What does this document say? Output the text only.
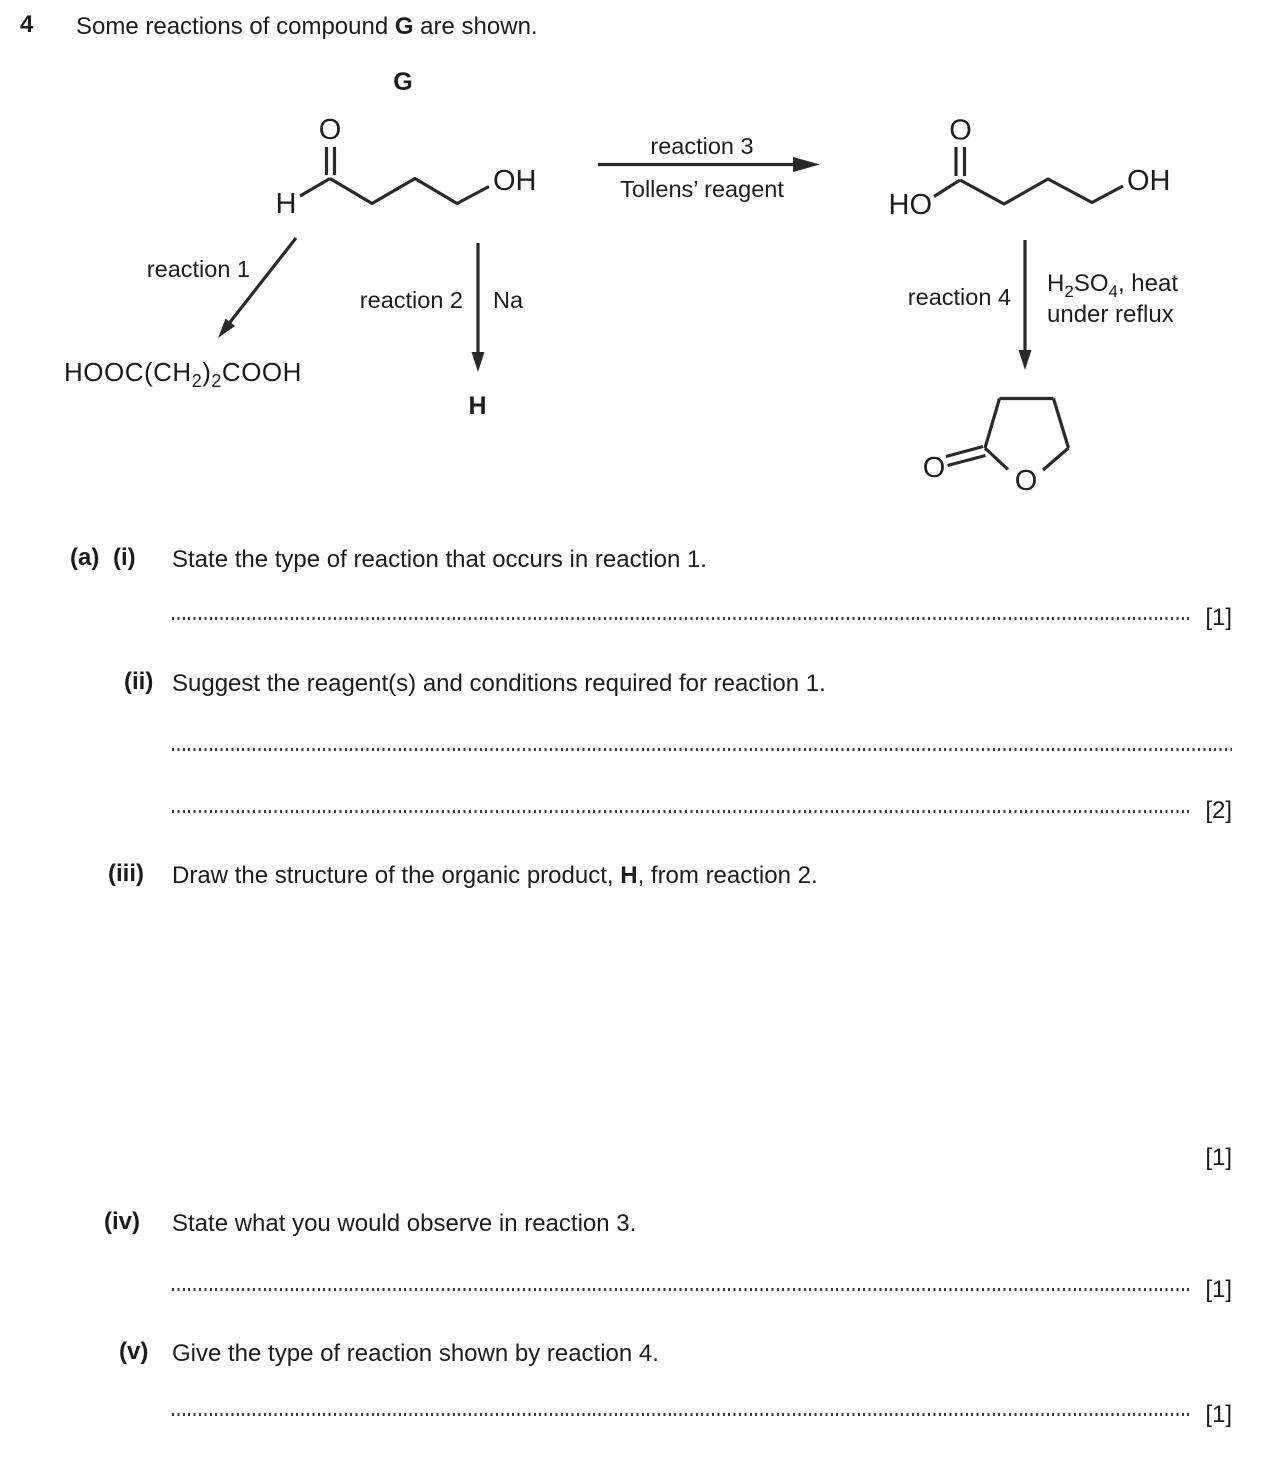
4 Some reactions of compound G are shown.
G
O
H
OH
reaction 3
Tollens’ reagent
O
HO
OH
reaction 1
reaction 2 Na
H
reaction 4 $H_2SO_4$, heat
under reflux
O
O
$HOOC(CH_2)_2COOH$
(a) (i) State the type of reaction that occurs in reaction 1.
[1]
(ii) Suggest the reagent(s) and conditions required for reaction 1.
[2]
(iii) Draw the structure of the organic product, H, from reaction 2.
[1]
(iv) State what you would observe in reaction 3.
[1]
(v) Give the type of reaction shown by reaction 4.
[1]
